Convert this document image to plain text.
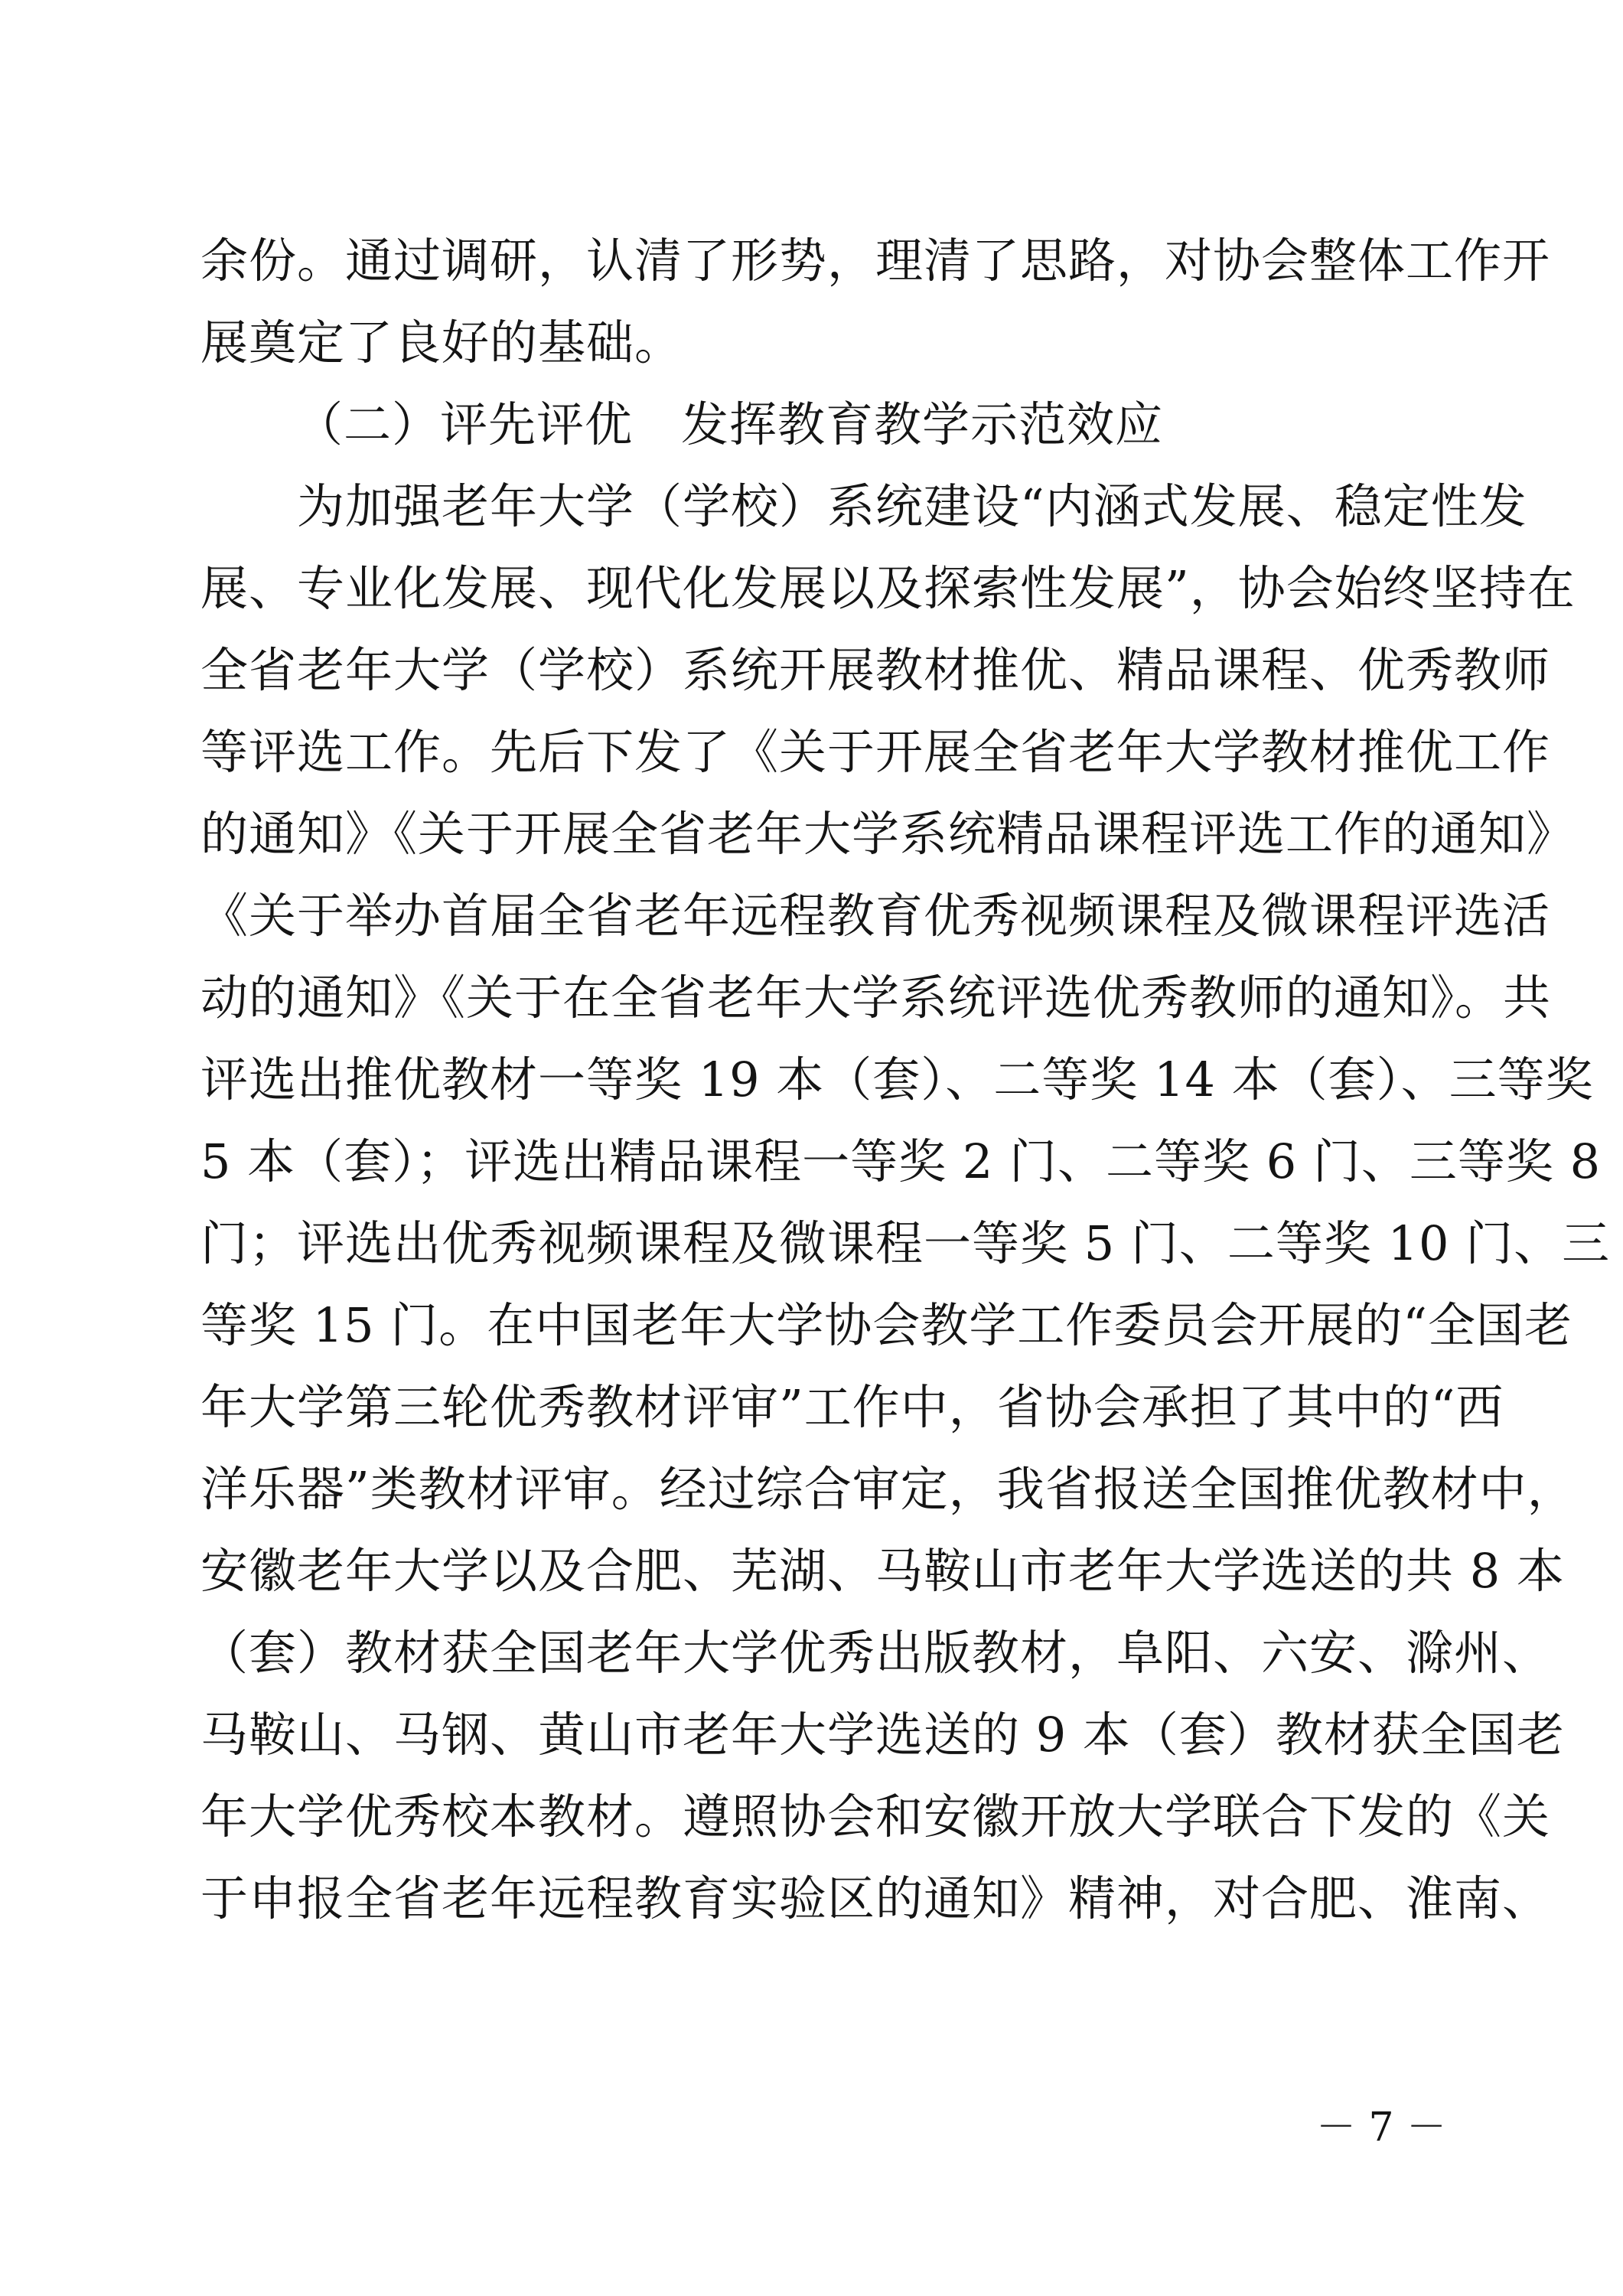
余份。通过调研，认清了形势，理清了思路，对协会整体工作开
展奠定了良好的基础。
（二）评先评优　发挥教育教学示范效应
　　为加强老年大学（学校）系统建设“内涵式发展、稳定性发
展、专业化发展、现代化发展以及探索性发展”，协会始终坚持在
全省老年大学（学校）系统开展教材推优、精品课程、优秀教师
等评选工作。先后下发了《关于开展全省老年大学教材推优工作
的通知》《关于开展全省老年大学系统精品课程评选工作的通知》
《关于举办首届全省老年远程教育优秀视频课程及微课程评选活
动的通知》《关于在全省老年大学系统评选优秀教师的通知》。共
评选出推优教材一等奖 19 本（套）、二等奖 14 本（套）、三等奖
5 本（套）；评选出精品课程一等奖 2 门、二等奖 6 门、三等奖 8
门；评选出优秀视频课程及微课程一等奖 5 门、二等奖 10 门、三
等奖 15 门。在中国老年大学协会教学工作委员会开展的“全国老
年大学第三轮优秀教材评审”工作中，省协会承担了其中的“西
洋乐器”类教材评审。经过综合审定，我省报送全国推优教材中，
安徽老年大学以及合肥、芜湖、马鞍山市老年大学选送的共 8 本
（套）教材获全国老年大学优秀出版教材，阜阳、六安、滁州、
马鞍山、马钢、黄山市老年大学选送的 9 本（套）教材获全国老
年大学优秀校本教材。遵照协会和安徽开放大学联合下发的《关
于申报全省老年远程教育实验区的通知》精神，对合肥、淮南、
－ 7 －
